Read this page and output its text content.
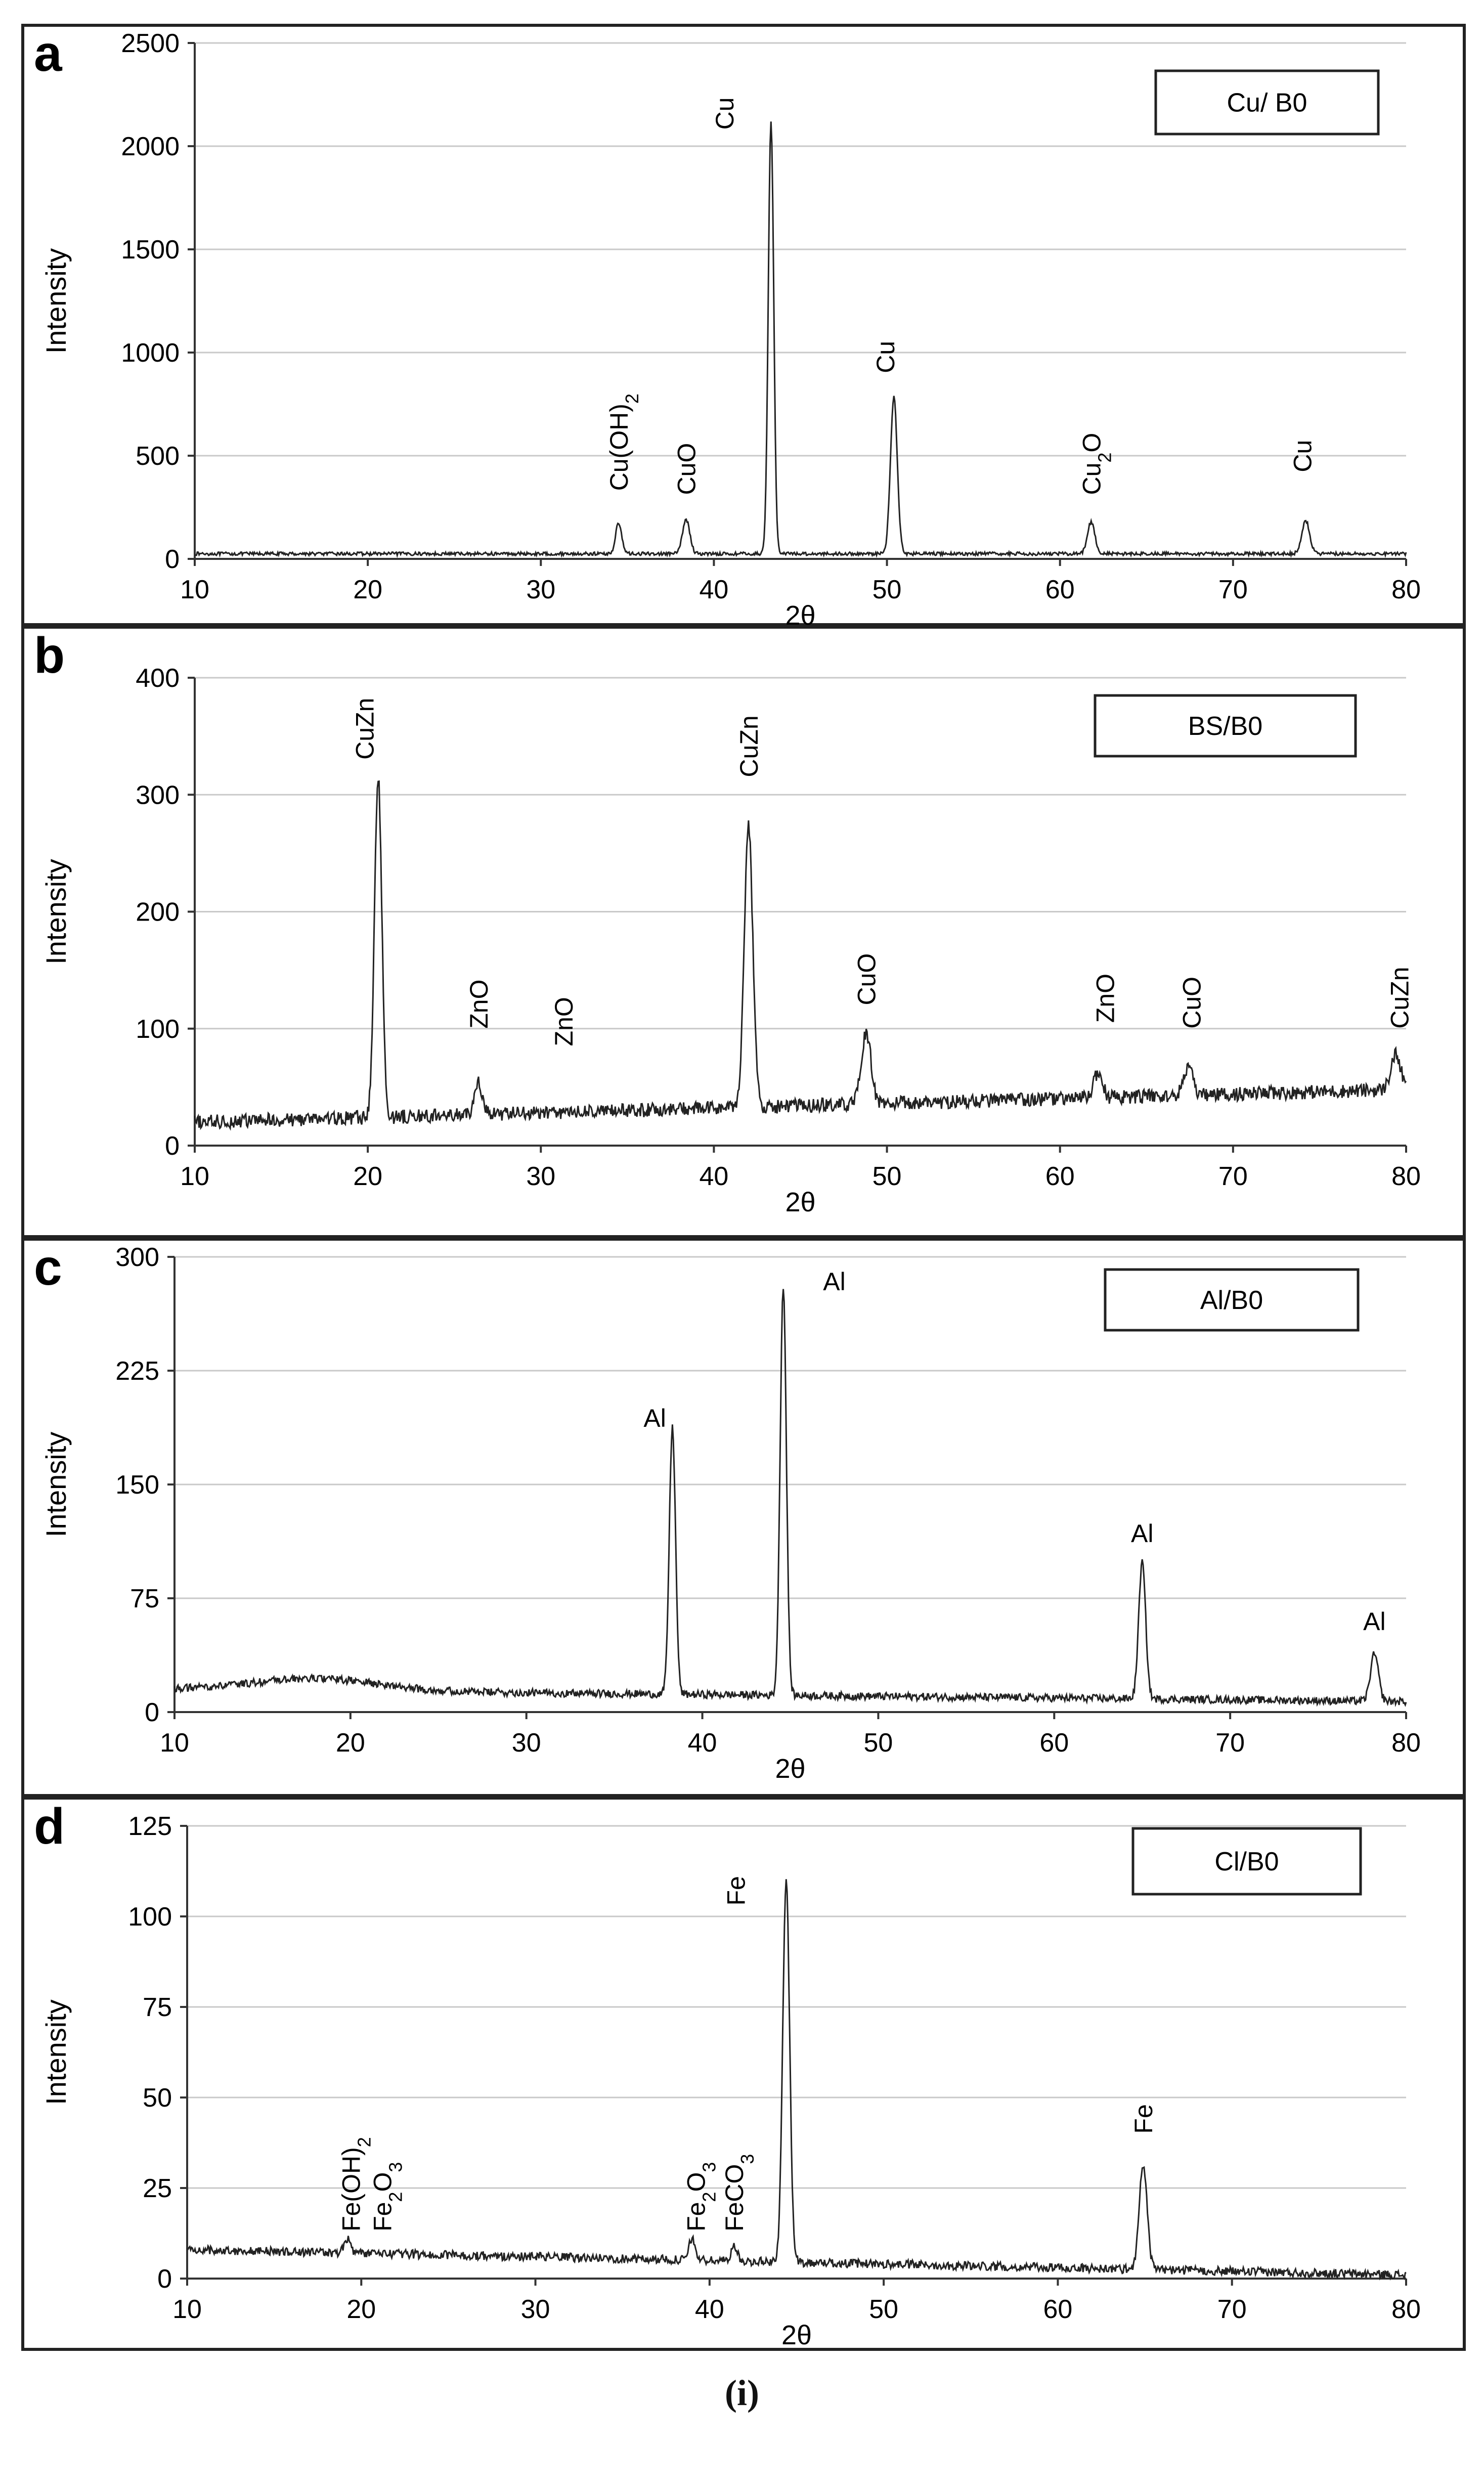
0
500
1000
1500
2000
2500
10	20	30	40	50	60	70	80
2θ
Intensity
a
Cu/ B0
$Cu(OH)_2$
CuO
Cu
Cu
$Cu_2O$	Cu
0
100
200
300
400
10	20	30	40	50	60	70	80
2θ
Intensity
b
BS/B0
CuZn
ZnO ZnO
CuZn
CuO	ZnO CuO	CuZn
0
75
150
225
300
10	20	30	40	50	60	70	80
2θ
Intensity
c
Al/B0
Al
Al
Al
Al
0
25
50
75
100
125
10	20	30	40	50	60	70	80
2θ
Intensity
d
Cl/B0
$Fe(OH)_2$
$Fe_2O_3$
$Fe_2O_3$ FeCO$_3$
Fe
Fe
(i)
